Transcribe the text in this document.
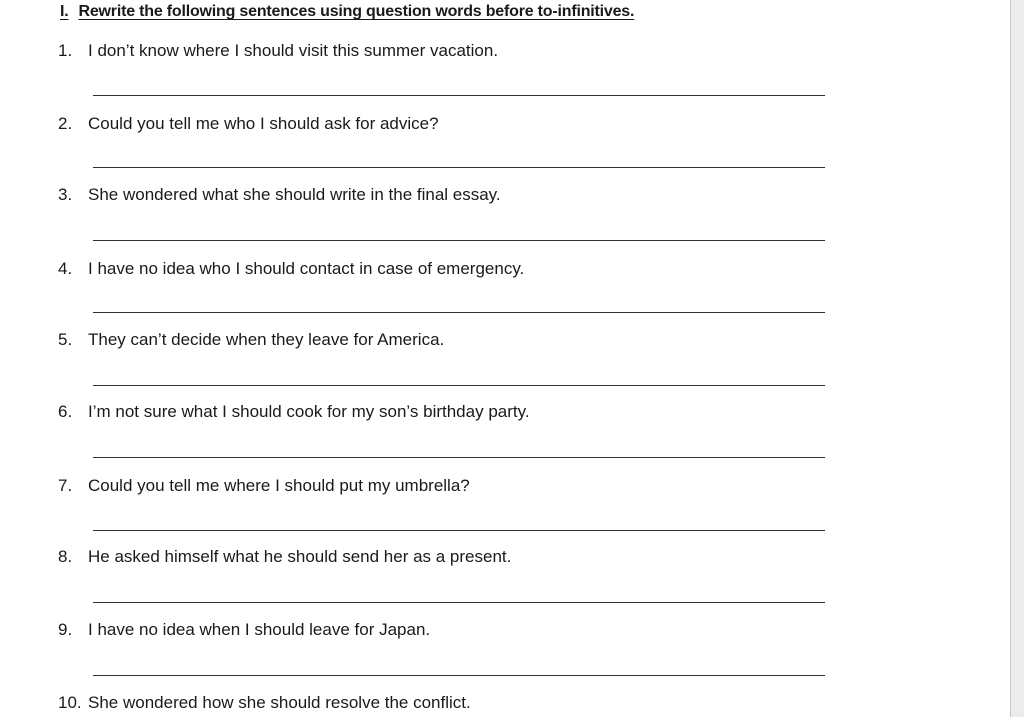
I. Rewrite the following sentences using question words before to-infinitives.
1. I don’t know where I should visit this summer vacation.
2. Could you tell me who I should ask for advice?
3. She wondered what she should write in the final essay.
4. I have no idea who I should contact in case of emergency.
5. They can’t decide when they leave for America.
6. I’m not sure what I should cook for my son’s birthday party.
7. Could you tell me where I should put my umbrella?
8. He asked himself what he should send her as a present.
9. I have no idea when I should leave for Japan.
10. She wondered how she should resolve the conflict.
